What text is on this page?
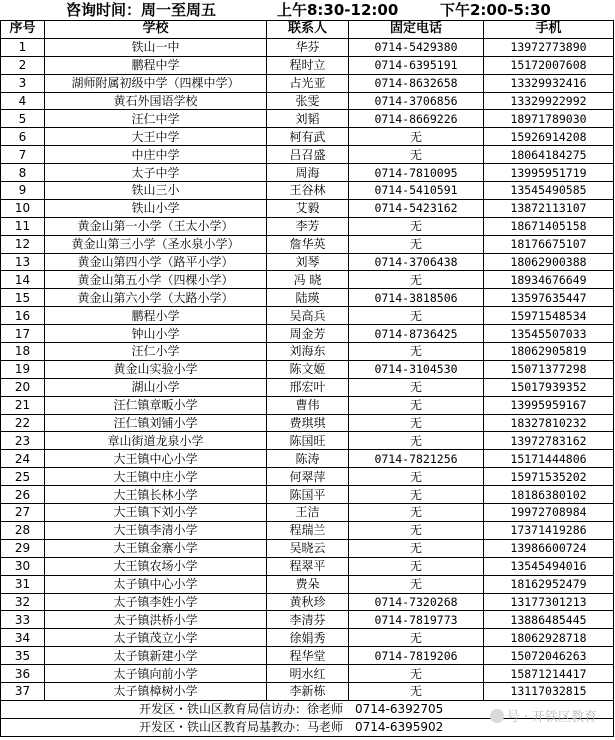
咨询时间：周一至周五	上午8:30-12:00	下午2:00-5:30
序号	学校	联系人	固定电话	手机
1	铁山一中	华芬	0714-5429380	13972773890
2	鹏程中学	程时立	0714-6395191	15172007608
3	湖师附属初级中学（四棵中学）	占光亚	0714-8632658	13329932416
4	黄石外国语学校	张雯	0714-3706856	13329922992
5	汪仁中学	刘韬	0714-8669226	18971789030
6	大王中学	柯有武	无	15926914208
7	中庄中学	吕召盛	无	18064184275
8	太子中学	周海	0714-7810095	13995951719
9	铁山三小	王谷林	0714-5410591	13545490585
10	铁山小学	艾毅	0714-5423162	13872113107
11	黄金山第一小学（王太小学）	李芳	无	18671405158
12	黄金山第三小学（圣水泉小学）	詹华英	无	18176675107
13	黄金山第四小学（路平小学）	刘琴	0714-3706438	18062900388
14	黄金山第五小学（四棵小学）	冯 晓	无	18934676649
15	黄金山第六小学（大路小学）	陆瑛	0714-3818506	13597635447
16	鹏程小学	吴高兵	无	15971548534
17	钟山小学	周金芳	0714-8736425	13545507033
18	汪仁小学	刘海东	无	18062905819
19	黄金山实验小学	陈文姬	0714-3104530	15071377298
20	湖山小学	邢宏叶	无	15017939352
21	汪仁镇章畈小学	曹伟	无	13995959167
22	汪仁镇刘铺小学	费琪琪	无	18327810232
23	章山街道龙泉小学	陈国旺	无	13972783162
24	大王镇中心小学	陈涛	0714-7821256	15171444806
25	大王镇中庄小学	何翠萍	无	15971535202
26	大王镇长林小学	陈国平	无	18186380102
27	大王镇下刘小学	王洁	无	19972708984
28	大王镇李清小学	程瑞兰	无	17371419286
29	大王镇金寨小学	吴晓云	无	13986600724
30	大王镇农场小学	程翠平	无	13545494016
31	太子镇中心小学	费朵	无	18162952479
32	太子镇李姓小学	黄秋珍	0714-7320268	13177301213
33	太子镇洪桥小学	李清芬	0714-7819773	13886485445
34	太子镇茂立小学	徐娟秀	无	18062928718
35	太子镇新建小学	程华堂	0714-7819206	15072046263
36	太子镇向前小学	明水红	无	15871214417
37	太子镇樟树小学	李新栋	无	13117032815
开发区・铁山区教育局信访办：徐老师　0714-6392705				
开发区・铁山区教育局基教办：马老师　0714-6395902				
号 · 开铁区教育
